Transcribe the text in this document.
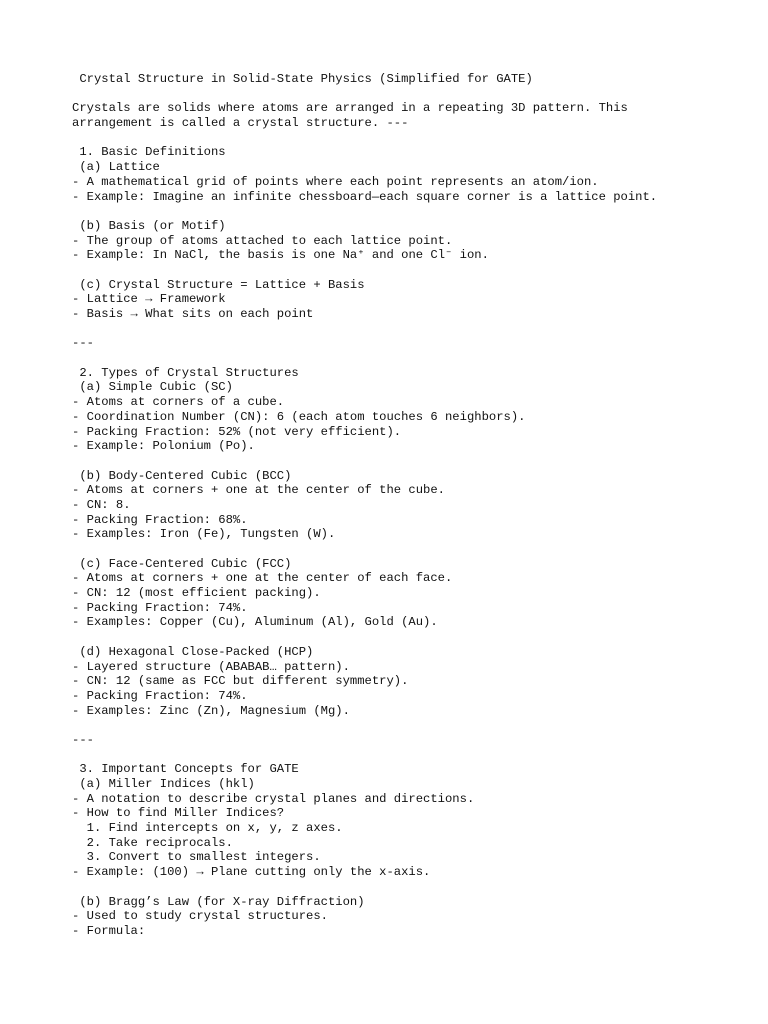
Crystal Structure in Solid-State Physics (Simplified for GATE)
Crystals are solids where atoms are arranged in a repeating 3D pattern. This
arrangement is called a crystal structure. ---
1. Basic Definitions
(a) Lattice
- A mathematical grid of points where each point represents an atom/ion.
- Example: Imagine an infinite chessboard—each square corner is a lattice point.
(b) Basis (or Motif)
- The group of atoms attached to each lattice point.
- Example: In NaCl, the basis is one Na⁺ and one Cl⁻ ion.
(c) Crystal Structure = Lattice + Basis
- Lattice → Framework
- Basis → What sits on each point
---
2. Types of Crystal Structures
(a) Simple Cubic (SC)
- Atoms at corners of a cube.
- Coordination Number (CN): 6 (each atom touches 6 neighbors).
- Packing Fraction: 52% (not very efficient).
- Example: Polonium (Po).
(b) Body-Centered Cubic (BCC)
- Atoms at corners + one at the center of the cube.
- CN: 8.
- Packing Fraction: 68%.
- Examples: Iron (Fe), Tungsten (W).
(c) Face-Centered Cubic (FCC)
- Atoms at corners + one at the center of each face.
- CN: 12 (most efficient packing).
- Packing Fraction: 74%.
- Examples: Copper (Cu), Aluminum (Al), Gold (Au).
(d) Hexagonal Close-Packed (HCP)
- Layered structure (ABABAB… pattern).
- CN: 12 (same as FCC but different symmetry).
- Packing Fraction: 74%.
- Examples: Zinc (Zn), Magnesium (Mg).
---
3. Important Concepts for GATE
(a) Miller Indices (hkl)
- A notation to describe crystal planes and directions.
- How to find Miller Indices?
1. Find intercepts on x, y, z axes.
2. Take reciprocals.
3. Convert to smallest integers.
- Example: (100) → Plane cutting only the x-axis.
(b) Bragg’s Law (for X-ray Diffraction)
- Used to study crystal structures.
- Formula:
